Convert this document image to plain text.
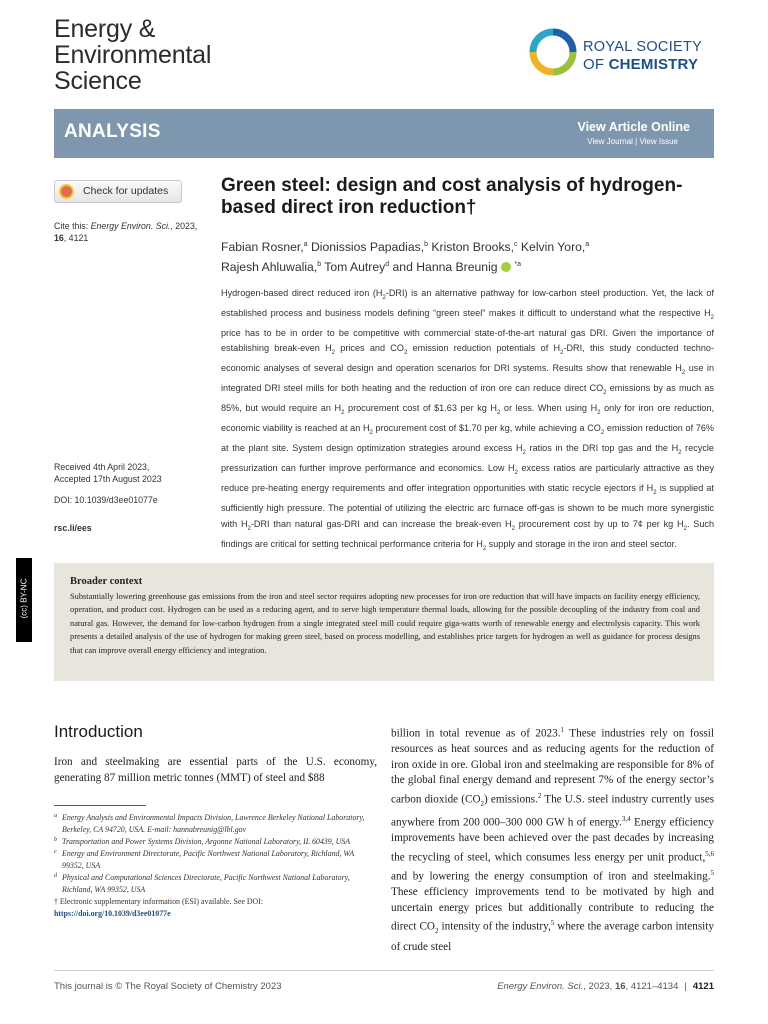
Energy &
Environmental
Science
ROYAL SOCIETY
OF CHEMISTRY
ANALYSIS	View Article Online
View Journal | View Issue
Check for updates
Cite this: Energy Environ. Sci., 2023, 16, 4121
Received 4th April 2023,
Accepted 17th August 2023
DOI: 10.1039/d3ee01077e
rsc.li/ees
Green steel: design and cost analysis of hydrogen-based direct iron reduction†
Fabian Rosner,$^a$ Dionissios Papadias,$^b$ Kriston Brooks,$^c$ Kelvin Yoro,$^a$
Rajesh Ahluwalia,$^b$ Tom Autrey$^d$ and Hanna Breunig  $^{*a}$
Hydrogen-based direct reduced iron $(H_2-DRI)$ is an alternative pathway for low-carbon steel production. Yet, the lack of established process and business models defining “green steel” makes it difficult to understand what the respective $H_2$ price has to be in order to be competitive with commercial state-of-the-art natural gas DRI. Given the importance of establishing break-even $H_2$ prices and $CO_2$ emission reduction potentials of $H_2$-DRI, this study conducted techno-economic analyses of several design and operation scenarios for DRI systems. Results show that renewable $H_2$ use in integrated DRI steel mills for both heating and the reduction of iron ore can reduce direct $CO_2$ emissions by as much as 85%, but would require an $H_2$ procurement cost of $1.63 per kg $H_2$ or less. When using $H_2$ only for iron ore reduction, economic viability is reached at an $H_2$ procurement cost of $1.70 per kg, while achieving a $CO_2$ emission reduction of 76% at the plant site. System design optimization strategies around excess $H_2$ ratios in the DRI top gas and the $H_2$ recycle pressurization can further improve performance and economics. Low $H_2$ excess ratios are particularly attractive as they reduce pre-heating energy requirements and offer integration opportunities with static recycle ejectors if $H_2$ is supplied at sufficiently high pressure. The potential of utilizing the electric arc furnace off-gas is shown to be much more synergistic with $H_2$-DRI than natural gas-DRI and can increase the break-even $H_2$ procurement cost by up to 7¢ per kg $H_2$. Such findings are critical for setting technical performance criteria for $H_2$ supply and storage in the iron and steel sector.
(cc) BY-NC	Broader context
Substantially lowering greenhouse gas emissions from the iron and steel sector requires adopting new processes for iron ore reduction that will have impacts on facility energy efficiency, operation, and product cost. Hydrogen can be used as a reducing agent, and to serve high temperature thermal loads, allowing for the possible decoupling of the industry from coal and natural gas. However, the demand for low-carbon hydrogen from a single integrated steel mill could require giga-watts worth of renewable energy and electrolysis capacity. This work presents a detailed analysis of the use of hydrogen for making green steel, based on process modelling, and establishes price targets for hydrogen as well as guidance for process designs that can improve overall energy efficiency and integration.
Introduction
Iron and steelmaking are essential parts of the U.S. economy, generating 87 million metric tonnes (MMT) of steel and $88
billion in total revenue as of 2023.$^1$ These industries rely on fossil resources as heat sources and as reducing agents for the reduction of iron oxide in ore. Global iron and steelmaking are responsible for 8% of the global final energy demand and represent 7% of the energy sector’s carbon dioxide $(CO_2)$ emissions.$^2$ The U.S. steel industry currently uses anywhere from 200 000–300 000 GW h of energy.$^{3,4}$ Energy efficiency improvements have been achieved over the past decades by increasing the recycling of steel, which consumes less energy per unit product,$^{5,6}$ and by lowering the energy consumption of iron and steelmaking.$^5$ These efficiency improvements tend to be motivated by high and uncertain energy prices but additionally contribute to reducing the direct $CO_2$ intensity of the industry,$^5$ where the average carbon intensity of crude steel
a Energy Analysis and Environmental Impacts Division, Lawrence Berkeley National Laboratory, Berkeley, CA 94720, USA. E-mail: hannabreunig@lbl.gov
b Transportation and Power Systems Division, Argonne National Laboratory, IL 60439, USA
c Energy and Environment Directorate, Pacific Northwest National Laboratory, Richland, WA 99352, USA
d Physical and Computational Sciences Directorate, Pacific Northwest National Laboratory, Richland, WA 99352, USA
† Electronic supplementary information (ESI) available. See DOI: https://doi.org/10.1039/d3ee01077e
This journal is © The Royal Society of Chemistry 2023	Energy Environ. Sci., 2023, 16, 4121–4134 | 4121
